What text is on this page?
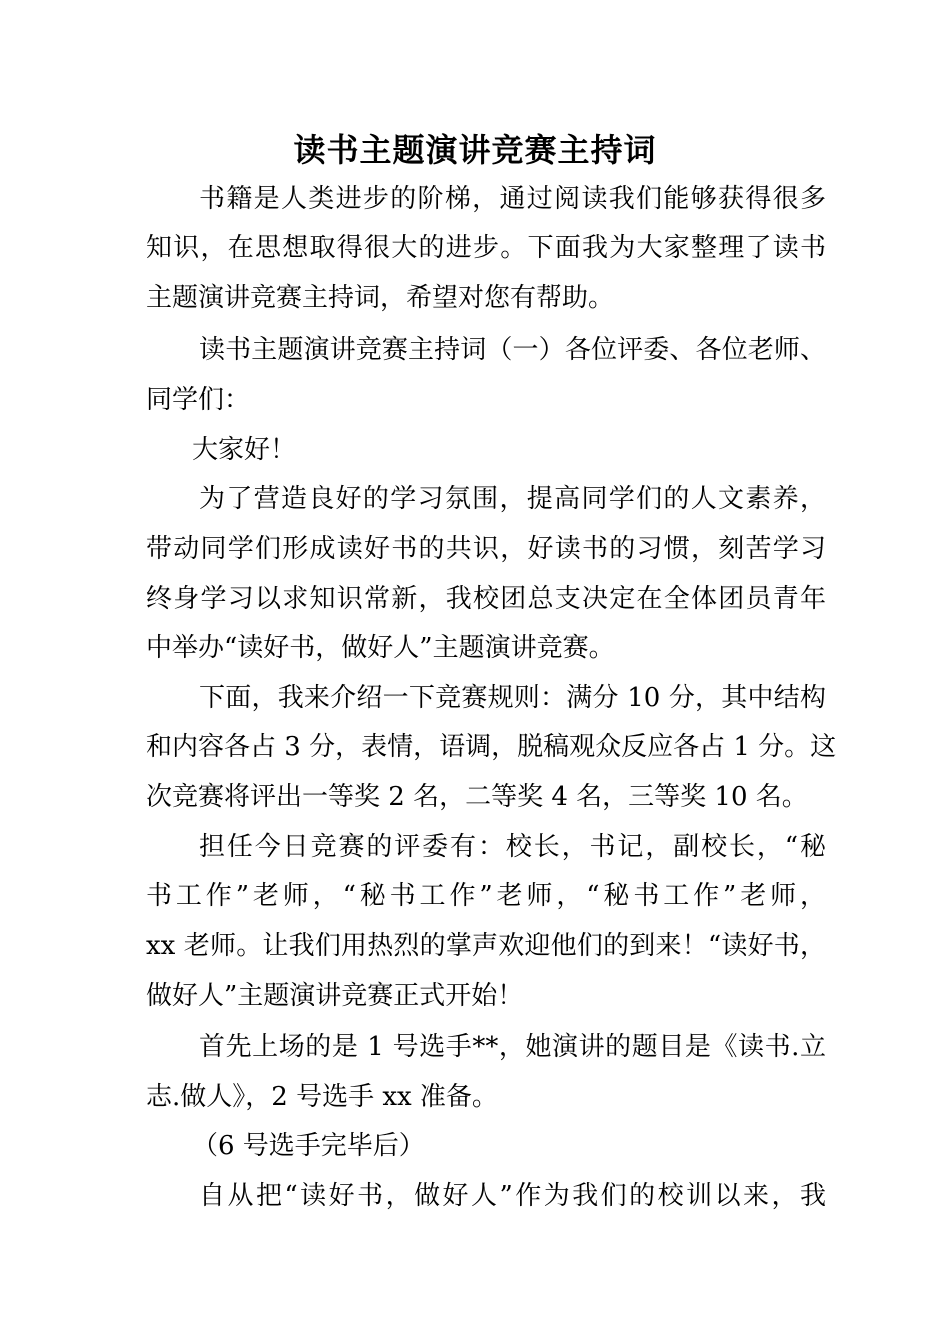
读书主题演讲竞赛主持词

书籍是人类进步的阶梯，通过阅读我们能够获得很多

知识，在思想取得很大的进步。下面我为大家整理了读书

主题演讲竞赛主持词，希望对您有帮助。

读书主题演讲竞赛主持词（一）各位评委、各位老师、

同学们：

大家好！

为了营造良好的学习氛围，提高同学们的人文素养，

带动同学们形成读好书的共识，好读书的习惯，刻苦学习

终身学习以求知识常新，我校团总支决定在全体团员青年

中举办“读好书，做好人”主题演讲竞赛。

下面，我来介绍一下竞赛规则：满分 10 分，其中结构

和内容各占 3 分，表情，语调，脱稿观众反应各占 1 分。这

次竞赛将评出一等奖 2 名，二等奖 4 名，三等奖 10 名。

担任今日竞赛的评委有：校长，书记，副校长，“秘

书工作”老师，“秘书工作”老师，“秘书工作”老师，

xx 老师。让我们用热烈的掌声欢迎他们的到来！“读好书，

做好人”主题演讲竞赛正式开始！

首先上场的是 1 号选手**，她演讲的题目是《读书.立

志.做人》，2 号选手 xx 准备。

（6 号选手完毕后）

自从把“读好书，做好人”作为我们的校训以来，我
